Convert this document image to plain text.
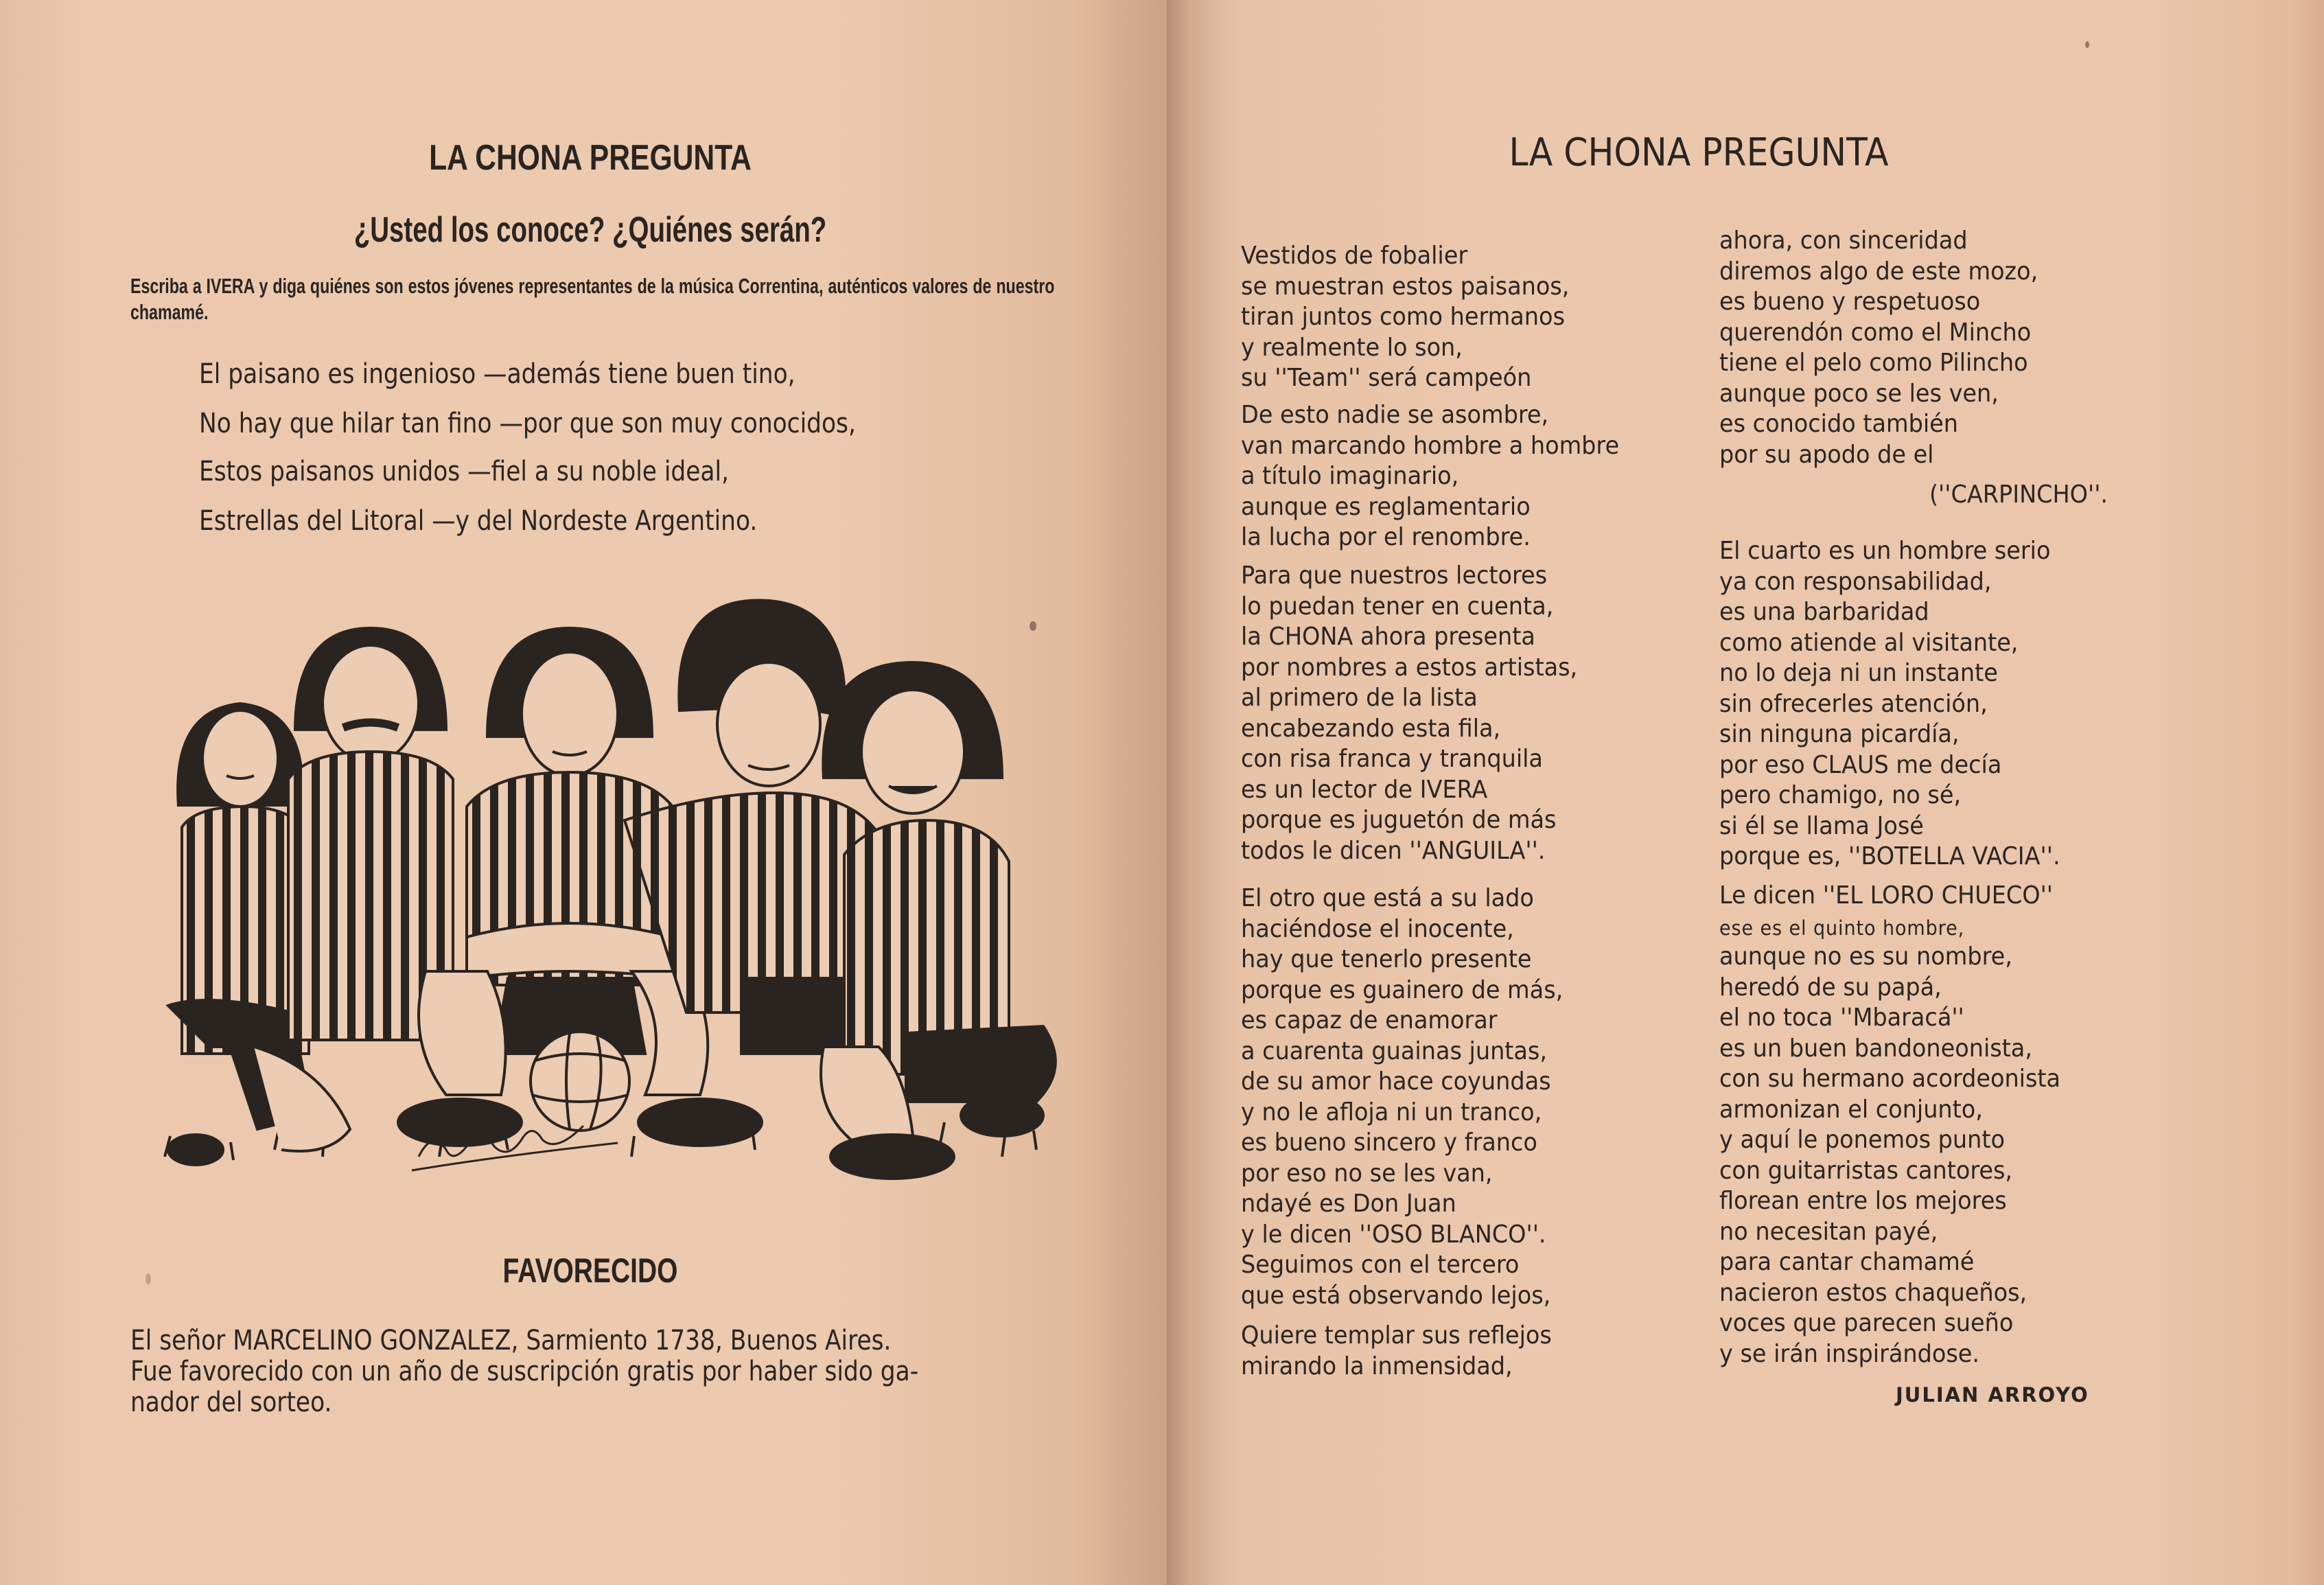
LA CHONA PREGUNTA
¿Usted los conoce? ¿Quiénes serán?
Escriba a IVERA y diga quiénes son estos jóvenes representantes de la música Correntina, auténticos valores de nuestro chamamé.
El paisano es ingenioso —además tiene buen tino,
No hay que hilar tan fino —por que son muy conocidos,
Estos paisanos unidos —fiel a su noble ideal,
Estrellas del Litoral —y del Nordeste Argentino.
FAVORECIDO
El señor MARCELINO GONZALEZ, Sarmiento 1738, Buenos Aires.
Fue favorecido con un año de suscripción gratis por haber sido ga-
nador del sorteo.
LA CHONA PREGUNTA
Vestidos de fobalier
se muestran estos paisanos,
tiran juntos como hermanos
y realmente lo son,
su ''Team'' será campeón
De esto nadie se asombre,
van marcando hombre a hombre
a título imaginario,
aunque es reglamentario
la lucha por el renombre.
Para que nuestros lectores
lo puedan tener en cuenta,
la CHONA ahora presenta
por nombres a estos artistas,
al primero de la lista
encabezando esta fila,
con risa franca y tranquila
es un lector de IVERA
porque es juguetón de más
todos le dicen ''ANGUILA''.
El otro que está a su lado
haciéndose el inocente,
hay que tenerlo presente
porque es guainero de más,
es capaz de enamorar
a cuarenta guainas juntas,
de su amor hace coyundas
y no le afloja ni un tranco,
es bueno sincero y franco
por eso no se les van,
ndayé es Don Juan
y le dicen ''OSO BLANCO''.
Seguimos con el tercero
que está observando lejos,
Quiere templar sus reflejos
mirando la inmensidad,
ahora, con sinceridad
diremos algo de este mozo,
es bueno y respetuoso
querendón como el Mincho
tiene el pelo como Pilincho
aunque poco se les ven,
es conocido también
por su apodo de el
(''CARPINCHO''.
El cuarto es un hombre serio
ya con responsabilidad,
es una barbaridad
como atiende al visitante,
no lo deja ni un instante
sin ofrecerles atención,
sin ninguna picardía,
por eso CLAUS me decía
pero chamigo, no sé,
si él se llama José
porque es, ''BOTELLA VACIA''.
Le dicen ''EL LORO CHUECO''
ese es el quinto hombre,
aunque no es su nombre,
heredó de su papá,
el no toca ''Mbaracá''
es un buen bandoneonista,
con su hermano acordeonista
armonizan el conjunto,
y aquí le ponemos punto
con guitarristas cantores,
florean entre los mejores
no necesitan payé,
para cantar chamamé
nacieron estos chaqueños,
voces que parecen sueño
y se irán inspirándose.
JULIAN ARROYO
